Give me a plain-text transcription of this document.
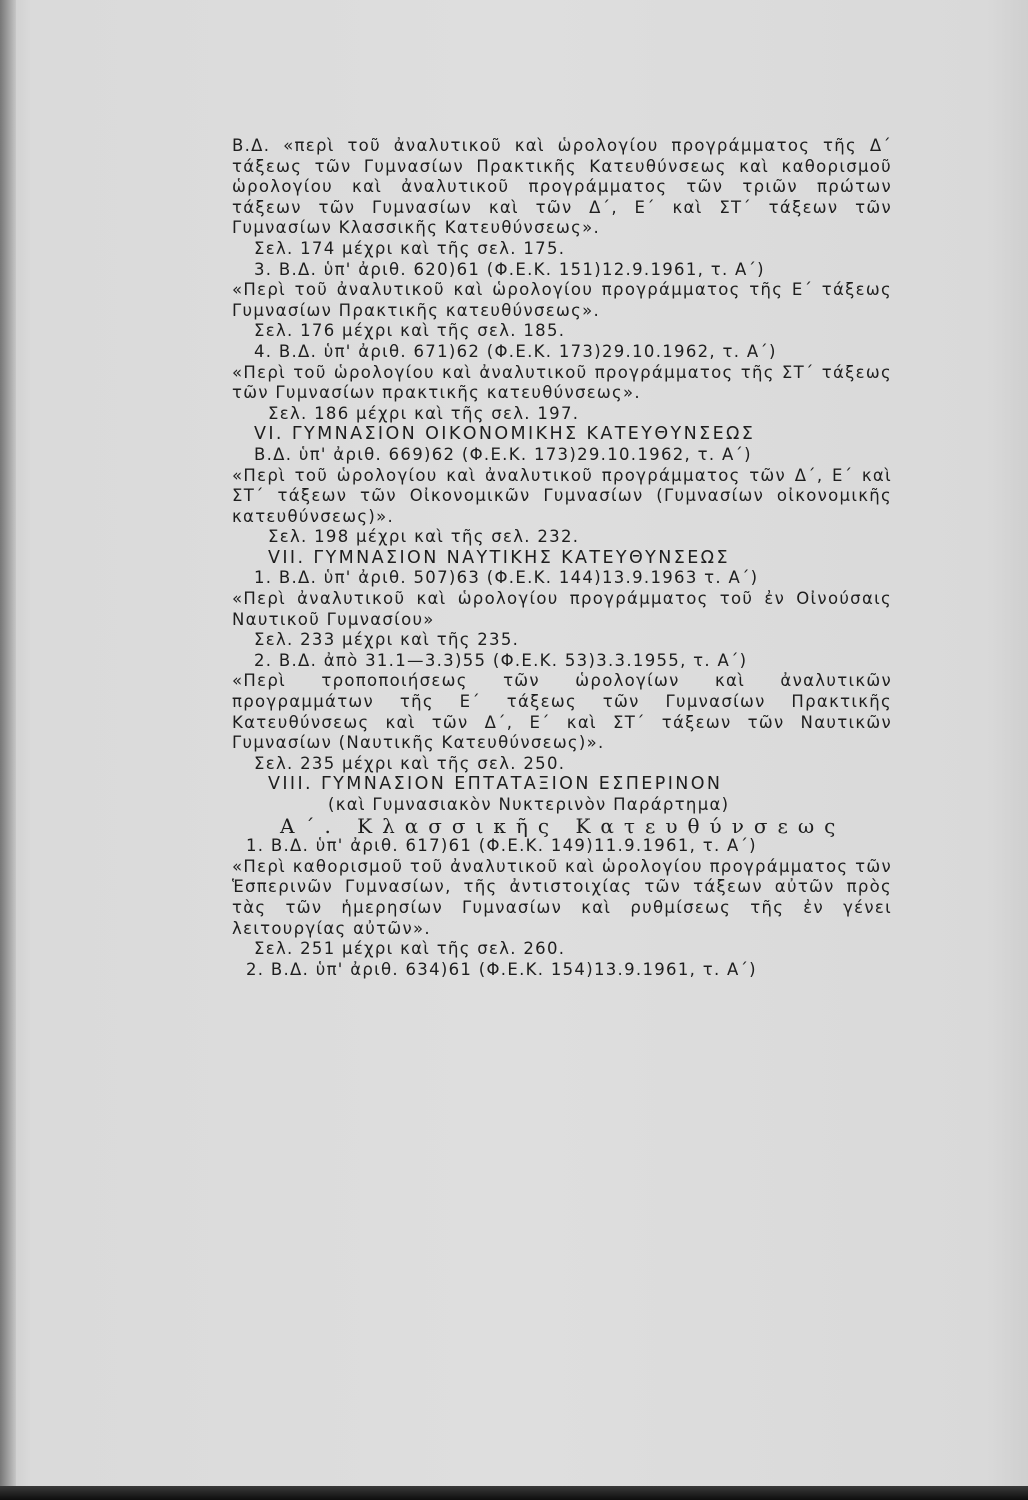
Β.Δ. «περὶ τοῦ ἀναλυτικοῦ καὶ ὡρολογίου προγράμματος τῆς Δ΄ τάξεως τῶν Γυμνασίων Πρακτικῆς Κατευθύνσεως καὶ καθορισμοῦ ὡρολογίου καὶ ἀναλυτικοῦ προγράμματος τῶν τριῶν πρώτων τάξεων τῶν Γυμνασίων καὶ τῶν Δ΄, Ε΄ καὶ ΣΤ΄ τάξεων τῶν Γυμνασίων Κλασσικῆς Κατευθύνσεως».

Σελ. 174 μέχρι καὶ τῆς σελ. 175.

3. Β.Δ. ὑπ' ἀριθ. 620)61 (Φ.Ε.Κ. 151)12.9.1961, τ. Α΄)

«Περὶ τοῦ ἀναλυτικοῦ καὶ ὡρολογίου προγράμματος τῆς Ε΄ τάξεως Γυμνασίων Πρακτικῆς κατευθύνσεως».

Σελ. 176 μέχρι καὶ τῆς σελ. 185.

4. Β.Δ. ὑπ' ἀριθ. 671)62 (Φ.Ε.Κ. 173)29.10.1962, τ. Α΄)

«Περὶ τοῦ ὡρολογίου καὶ ἀναλυτικοῦ προγράμματος τῆς ΣΤ΄ τάξεως τῶν Γυμνασίων πρακτικῆς κατευθύνσεως».

Σελ. 186 μέχρι καὶ τῆς σελ. 197.

VI. ΓΥΜΝΑΣΙΟΝ ΟΙΚΟΝΟΜΙΚΗΣ ΚΑΤΕΥΘΥΝΣΕΩΣ

Β.Δ. ὑπ' ἀριθ. 669)62 (Φ.Ε.Κ. 173)29.10.1962, τ. Α΄)

«Περὶ τοῦ ὡρολογίου καὶ ἀναλυτικοῦ προγράμματος τῶν Δ΄, Ε΄ καὶ ΣΤ΄ τάξεων τῶν Οἰκονομικῶν Γυμνασίων (Γυμνασίων οἰκονομικῆς κατευθύνσεως)».

Σελ. 198 μέχρι καὶ τῆς σελ. 232.

VII. ΓΥΜΝΑΣΙΟΝ ΝΑΥΤΙΚΗΣ ΚΑΤΕΥΘΥΝΣΕΩΣ

1. Β.Δ. ὑπ' ἀριθ. 507)63 (Φ.Ε.Κ. 144)13.9.1963 τ. Α΄)

«Περὶ ἀναλυτικοῦ καὶ ὡρολογίου προγράμματος τοῦ ἐν Οἰνούσαις Ναυτικοῦ Γυμνασίου»

Σελ. 233 μέχρι καὶ τῆς 235.

2. Β.Δ. ἀπὸ 31.1—3.3)55 (Φ.Ε.Κ. 53)3.3.1955, τ. Α΄)

«Περὶ τροποποιήσεως τῶν ὡρολογίων καὶ ἀναλυτικῶν προγραμμάτων τῆς Ε΄ τάξεως τῶν Γυμνασίων Πρακτικῆς Κατευθύνσεως καὶ τῶν Δ΄, Ε΄ καὶ ΣΤ΄ τάξεων τῶν Ναυτικῶν Γυμνασίων (Ναυτικῆς Κατευθύνσεως)».

Σελ. 235 μέχρι καὶ τῆς σελ. 250.

VIII. ΓΥΜΝΑΣΙΟΝ ΕΠΤΑΤΑΞΙΟΝ ΕΣΠΕΡΙΝΟΝ

(καὶ Γυμνασιακὸν Νυκτερινὸν Παράρτημα)

Α΄. Κλασσικῆς Κατευθύνσεως

1. Β.Δ. ὑπ' ἀριθ. 617)61 (Φ.Ε.Κ. 149)11.9.1961, τ. Α΄)

«Περὶ καθορισμοῦ τοῦ ἀναλυτικοῦ καὶ ὡρολογίου προγράμματος τῶν Ἑσπερινῶν Γυμνασίων, τῆς ἀντιστοιχίας τῶν τάξεων αὐτῶν πρὸς τὰς τῶν ἡμερησίων Γυμνασίων καὶ ρυθμίσεως τῆς ἐν γένει λειτουργίας αὐτῶν».

Σελ. 251 μέχρι καὶ τῆς σελ. 260.

2. Β.Δ. ὑπ' ἀριθ. 634)61 (Φ.Ε.Κ. 154)13.9.1961, τ. Α΄)
